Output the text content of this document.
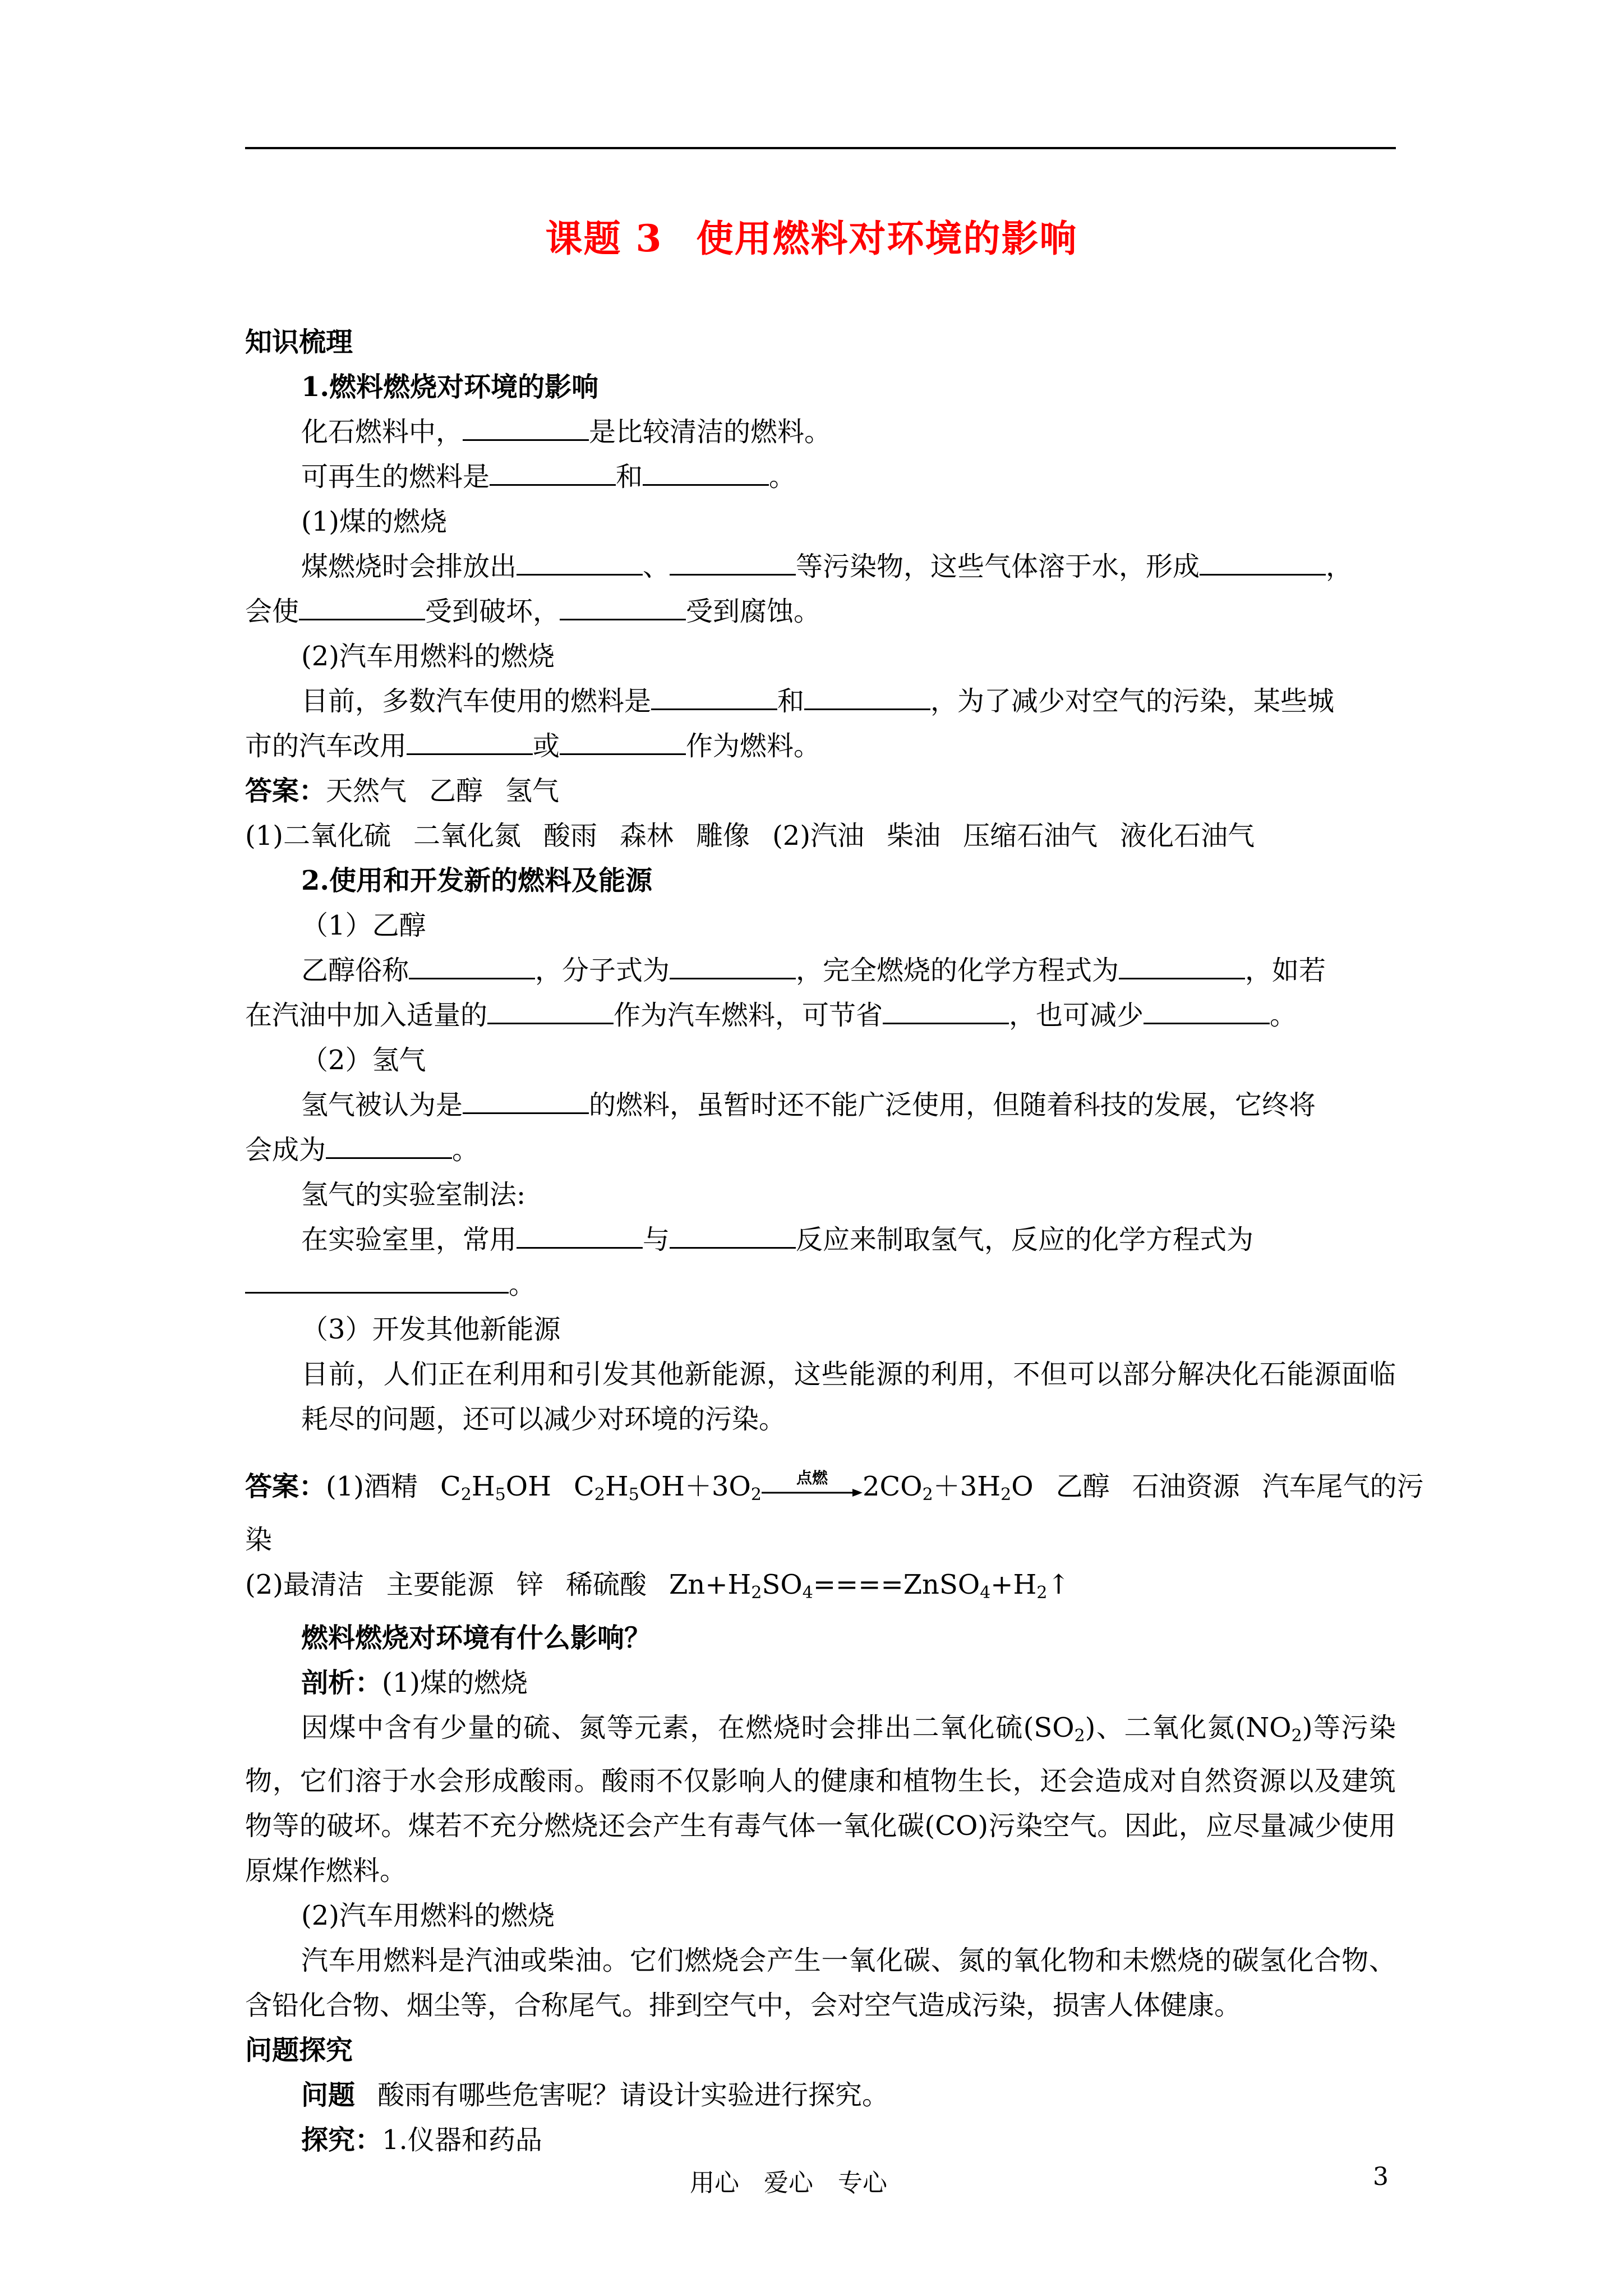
课题 3 使用燃料对环境的影响
知识梳理
1.燃料燃烧对环境的影响
化石燃料中，	是比较清洁的燃料。
可再生的燃料是	和	。
(1)煤的燃烧
煤燃烧时会排放出	、	等污染物，这些气体溶于水，形成	，
会使	受到破坏，	受到腐蚀。
(2)汽车用燃料的燃烧
目前，多数汽车使用的燃料是	和	，为了减少对空气的污染，某些城
市的汽车改用	或	作为燃料。
答案：天然气 乙醇 氢气
(1)二氧化硫 二氧化氮 酸雨 森林 雕像 (2)汽油 柴油 压缩石油气 液化石油气
2.使用和开发新的燃料及能源
（1）乙醇
乙醇俗称	，分子式为	，完全燃烧的化学方程式为	，如若
在汽油中加入适量的	作为汽车燃料，可节省	，也可减少	。
（2）氢气
氢气被认为是	的燃料，虽暂时还不能广泛使用，但随着科技的发展，它终将
会成为	。
氢气的实验室制法:
在实验室里，常用	与	反应来制取氢气，反应的化学方程式为
。
（3）开发其他新能源
目前，人们正在利用和引发其他新能源，这些能源的利用，不但可以部分解决化石能源面临耗尽的问题，还可以减少对环境的污染。
答案：(1)酒精 $C_2H_5OH$ $C_2H_5OH+3O_2$
点燃	$2CO_2+3H_2O$ 乙醇 石油资源 汽车尾气的污
染
(2)最清洁 主要能源 锌 稀硫酸 $Zn+H_2SO_4====ZnSO_4+H_2↑$
燃料燃烧对环境有什么影响？
剖析：(1)煤的燃烧
因煤中含有少量的硫、氮等元素，在燃烧时会排出二氧化硫$(SO_2)$、二氧化氮$(NO_2)$等污染物，它们溶于水会形成酸雨。酸雨不仅影响人的健康和植物生长，还会造成对自然资源以及建筑物等的破坏。煤若不充分燃烧还会产生有毒气体一氧化碳(CO)污染空气。因此，应尽量减少使用原煤作燃料。
(2)汽车用燃料的燃烧
汽车用燃料是汽油或柴油。它们燃烧会产生一氧化碳、氮的氧化物和未燃烧的碳氢化合物、含铅化合物、烟尘等，合称尾气。排到空气中，会对空气造成污染，损害人体健康。
问题探究
问题 酸雨有哪些危害呢？请设计实验进行探究。
探究：1.仪器和药品
用心　爱心　专心	3
